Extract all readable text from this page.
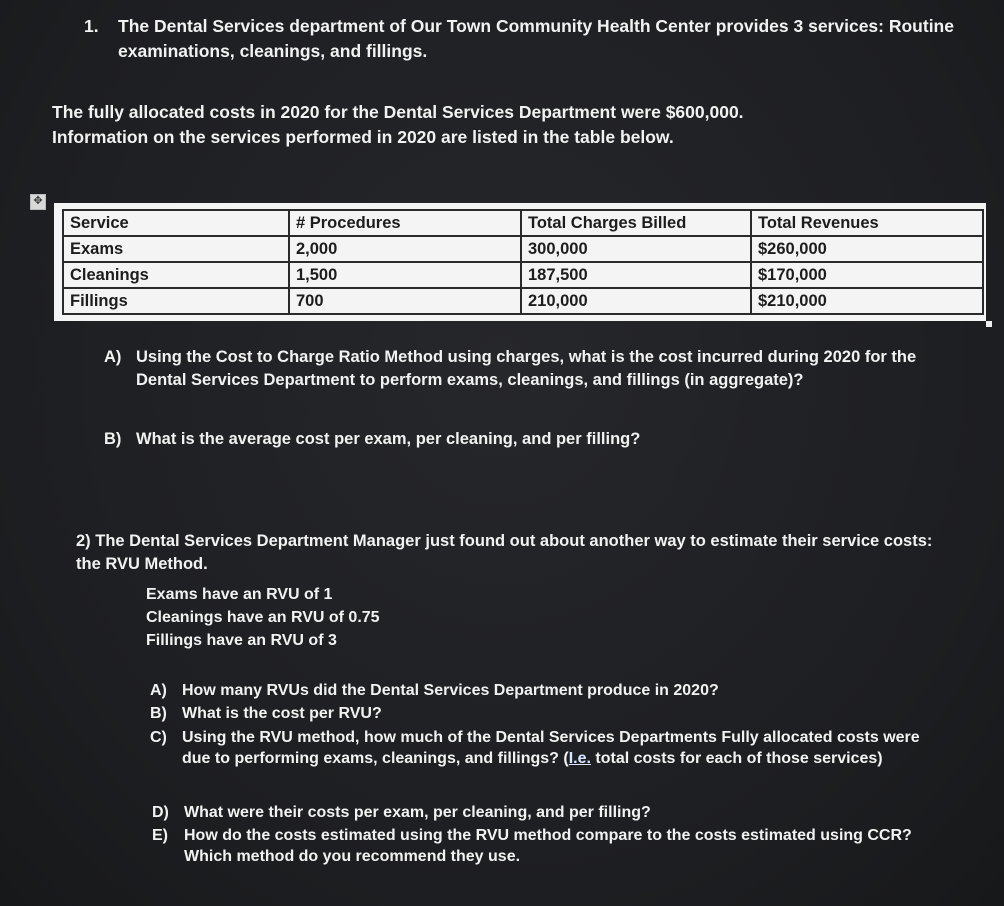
1. The Dental Services department of Our Town Community Health Center provides 3 services: Routine examinations, cleanings, and fillings.
The fully allocated costs in 2020 for the Dental Services Department were $600,000.
Information on the services performed in 2020 are listed in the table below.
✥
Service	# Procedures	Total Charges Billed	Total Revenues
Exams	2,000	300,000	$260,000
Cleanings	1,500	187,500	$170,000
Fillings	700	210,000	$210,000
A) Using the Cost to Charge Ratio Method using charges, what is the cost incurred during 2020 for the Dental Services Department to perform exams, cleanings, and fillings (in aggregate)?
B) What is the average cost per exam, per cleaning, and per filling?
2) The Dental Services Department Manager just found out about another way to estimate their service costs: the RVU Method.
Exams have an RVU of 1
Cleanings have an RVU of 0.75
Fillings have an RVU of 3
A) How many RVUs did the Dental Services Department produce in 2020?
B) What is the cost per RVU?
C) Using the RVU method, how much of the Dental Services Departments Fully allocated costs were due to performing exams, cleanings, and fillings? (I.e. total costs for each of those services)
D) What were their costs per exam, per cleaning, and per filling?
E) How do the costs estimated using the RVU method compare to the costs estimated using CCR? Which method do you recommend they use.
